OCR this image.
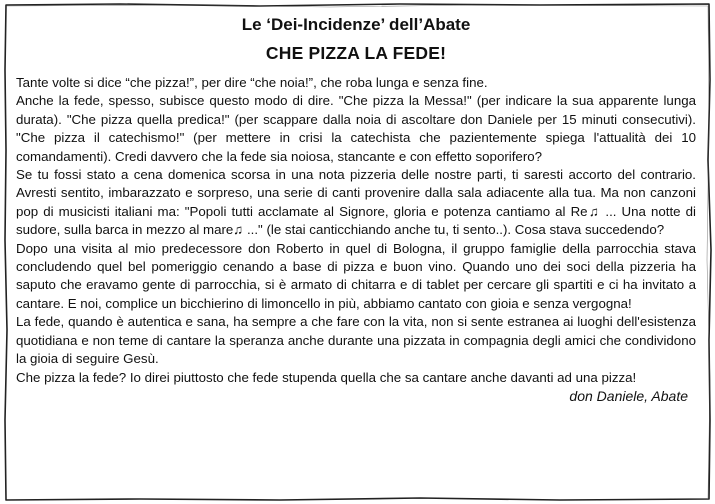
Le ‘Dei-Incidenze’ dell’Abate
CHE PIZZA LA FEDE!

Tante volte si dice “che pizza!”, per dire “che noia!”, che roba lunga e senza fine.

Anche la fede, spesso, subisce questo modo di dire. "Che pizza la Messa!" (per indicare la sua apparente lunga durata). "Che pizza quella predica!" (per scappare dalla noia di ascoltare don Daniele per 15 minuti consecutivi). "Che pizza il catechismo!" (per mettere in crisi la catechista che pazientemente spiega l'attualità dei 10 comandamenti). Credi davvero che la fede sia noiosa, stancante e con effetto soporifero?

Se tu fossi stato a cena domenica scorsa in una nota pizzeria delle nostre parti, ti saresti accorto del contrario. Avresti sentito, imbarazzato e sorpreso, una serie di canti provenire dalla sala adiacente alla tua. Ma non canzoni pop di musicisti italiani ma: "Popoli tutti acclamate al Signore, gloria e potenza cantiamo al Re♫ ... Una notte di sudore, sulla barca in mezzo al mare♫ ..." (le stai canticchiando anche tu, ti sento..). Cosa stava succedendo?

Dopo una visita al mio predecessore don Roberto in quel di Bologna, il gruppo famiglie della parrocchia stava concludendo quel bel pomeriggio cenando a base di pizza e buon vino. Quando uno dei soci della pizzeria ha saputo che eravamo gente di parrocchia, si è armato di chitarra e di tablet per cercare gli spartiti e ci ha invitato a cantare. E noi, complice un bicchierino di limoncello in più, abbiamo cantato con gioia e senza vergogna!

La fede, quando è autentica e sana, ha sempre a che fare con la vita, non si sente estranea ai luoghi dell'esistenza quotidiana e non teme di cantare la speranza anche durante una pizzata in compagnia degli amici che condividono la gioia di seguire Gesù.

Che pizza la fede? Io direi piuttosto che fede stupenda quella che sa cantare anche davanti ad una pizza!

don Daniele, Abate
